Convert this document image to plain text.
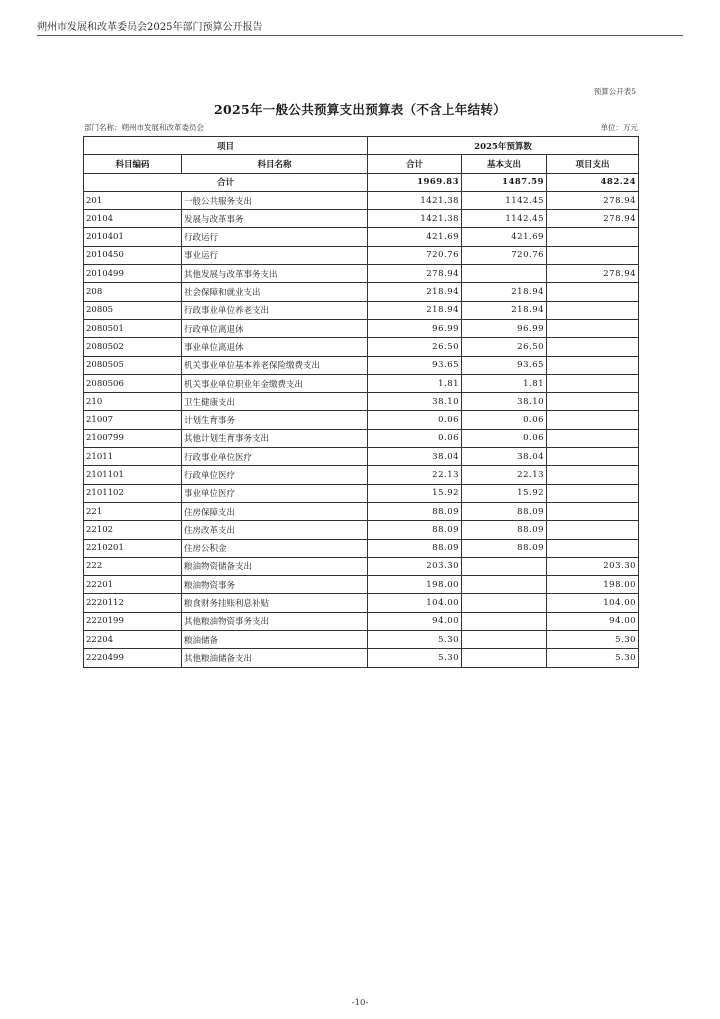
朔州市发展和改革委员会2025年部门预算公开报告
预算公开表5
2025年一般公共预算支出预算表（不含上年结转）
部门名称：朔州市发展和改革委员会	单位：万元
项目		2025年预算数		
科目编码	科目名称	合计	基本支出	项目支出
合计		1969.83	1487.59	482.24
201	一般公共服务支出	1421.38	1142.45	278.94
20104	发展与改革事务	1421.38	1142.45	278.94
2010401	行政运行	421.69	421.69	
2010450	事业运行	720.76	720.76	
2010499	其他发展与改革事务支出	278.94		278.94
208	社会保障和就业支出	218.94	218.94	
20805	行政事业单位养老支出	218.94	218.94	
2080501	行政单位离退休	96.99	96.99	
2080502	事业单位离退休	26.50	26.50	
2080505	机关事业单位基本养老保险缴费支出	93.65	93.65	
2080506	机关事业单位职业年金缴费支出	1.81	1.81	
210	卫生健康支出	38.10	38.10	
21007	计划生育事务	0.06	0.06	
2100799	其他计划生育事务支出	0.06	0.06	
21011	行政事业单位医疗	38.04	38.04	
2101101	行政单位医疗	22.13	22.13	
2101102	事业单位医疗	15.92	15.92	
221	住房保障支出	88.09	88.09	
22102	住房改革支出	88.09	88.09	
2210201	住房公积金	88.09	88.09	
222	粮油物资储备支出	203.30		203.30
22201	粮油物资事务	198.00		198.00
2220112	粮食财务挂账利息补贴	104.00		104.00
2220199	其他粮油物资事务支出	94.00		94.00
22204	粮油储备	5.30		5.30
2220499	其他粮油储备支出	5.30		5.30
-10-
